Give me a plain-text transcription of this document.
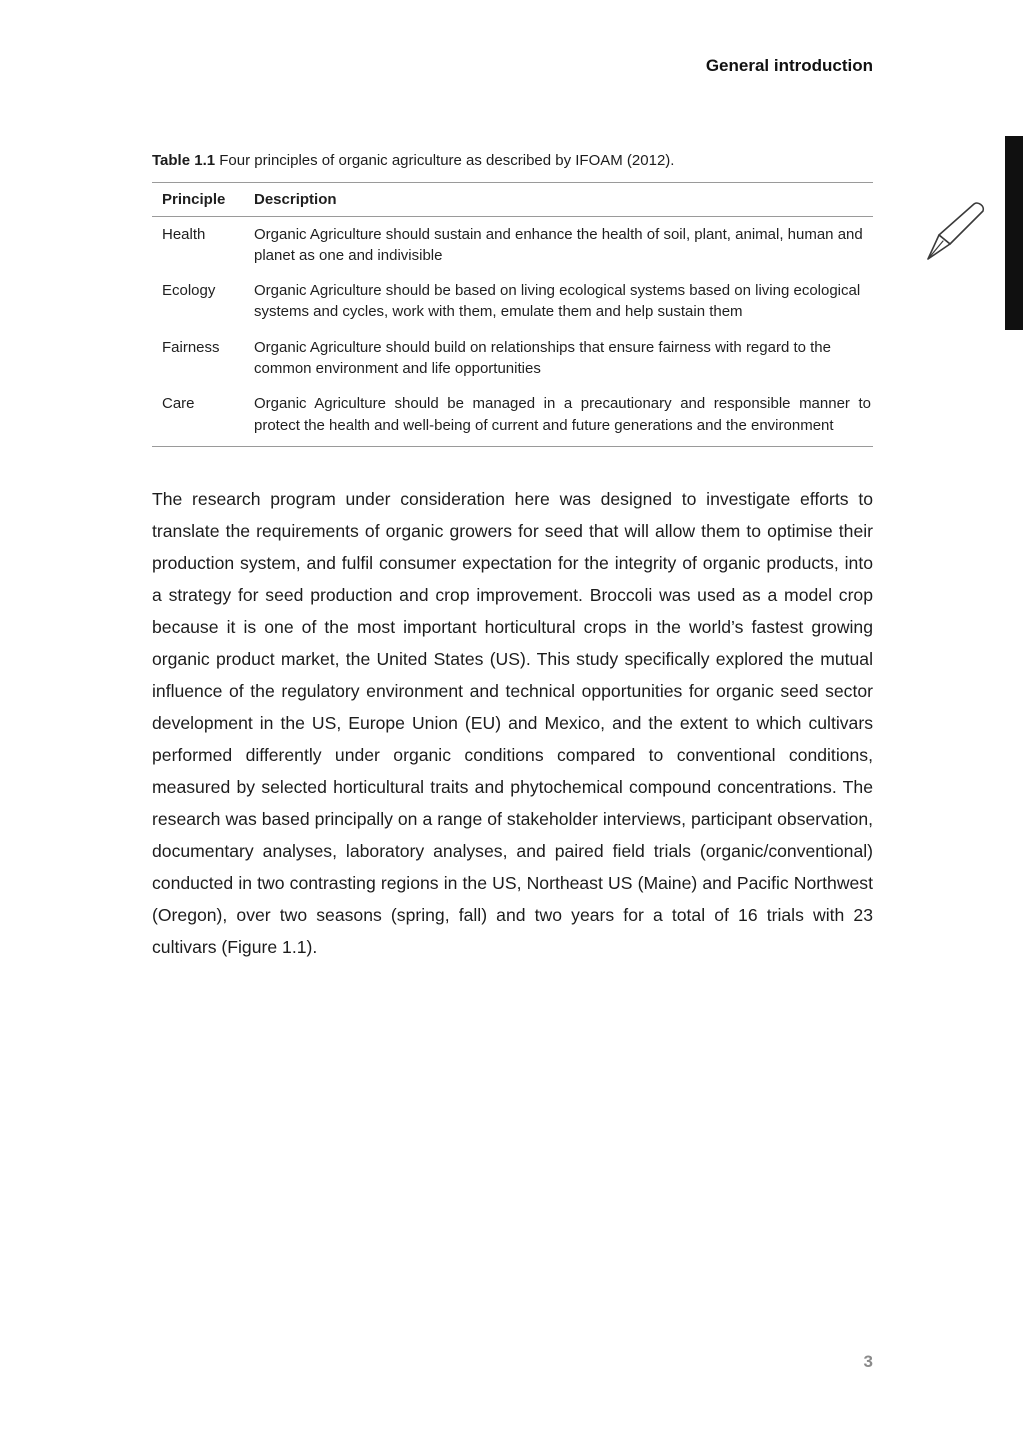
General introduction

Table 1.1 Four principles of organic agriculture as described by IFOAM (2012).

Principle	Description
Health	Organic Agriculture should sustain and enhance the health of soil, plant, animal, human and planet as one and indivisible
Ecology	Organic Agriculture should be based on living ecological systems based on living ecological systems and cycles, work with them, emulate them and help sustain them
Fairness	Organic Agriculture should build on relationships that ensure fairness with regard to the common environment and life opportunities
Care	Organic Agriculture should be managed in a precautionary and responsible manner to protect the health and well-being of current and future generations and the environment

The research program under consideration here was designed to investigate efforts to translate the requirements of organic growers for seed that will allow them to optimise their production system, and fulfil consumer expectation for the integrity of organic products, into a strategy for seed production and crop improvement. Broccoli was used as a model crop because it is one of the most important horticultural crops in the world’s fastest growing organic product market, the United States (US). This study specifically explored the mutual influence of the regulatory environment and technical opportunities for organic seed sector development in the US, Europe Union (EU) and Mexico, and the extent to which cultivars performed differently under organic conditions compared to conventional conditions, measured by selected horticultural traits and phytochemical compound concentrations. The research was based principally on a range of stakeholder interviews, participant observation, documentary analyses, laboratory analyses, and paired field trials (organic/conventional) conducted in two contrasting regions in the US, Northeast US (Maine) and Pacific Northwest (Oregon), over two seasons (spring, fall) and two years for a total of 16 trials with 23 cultivars (Figure 1.1).

3
